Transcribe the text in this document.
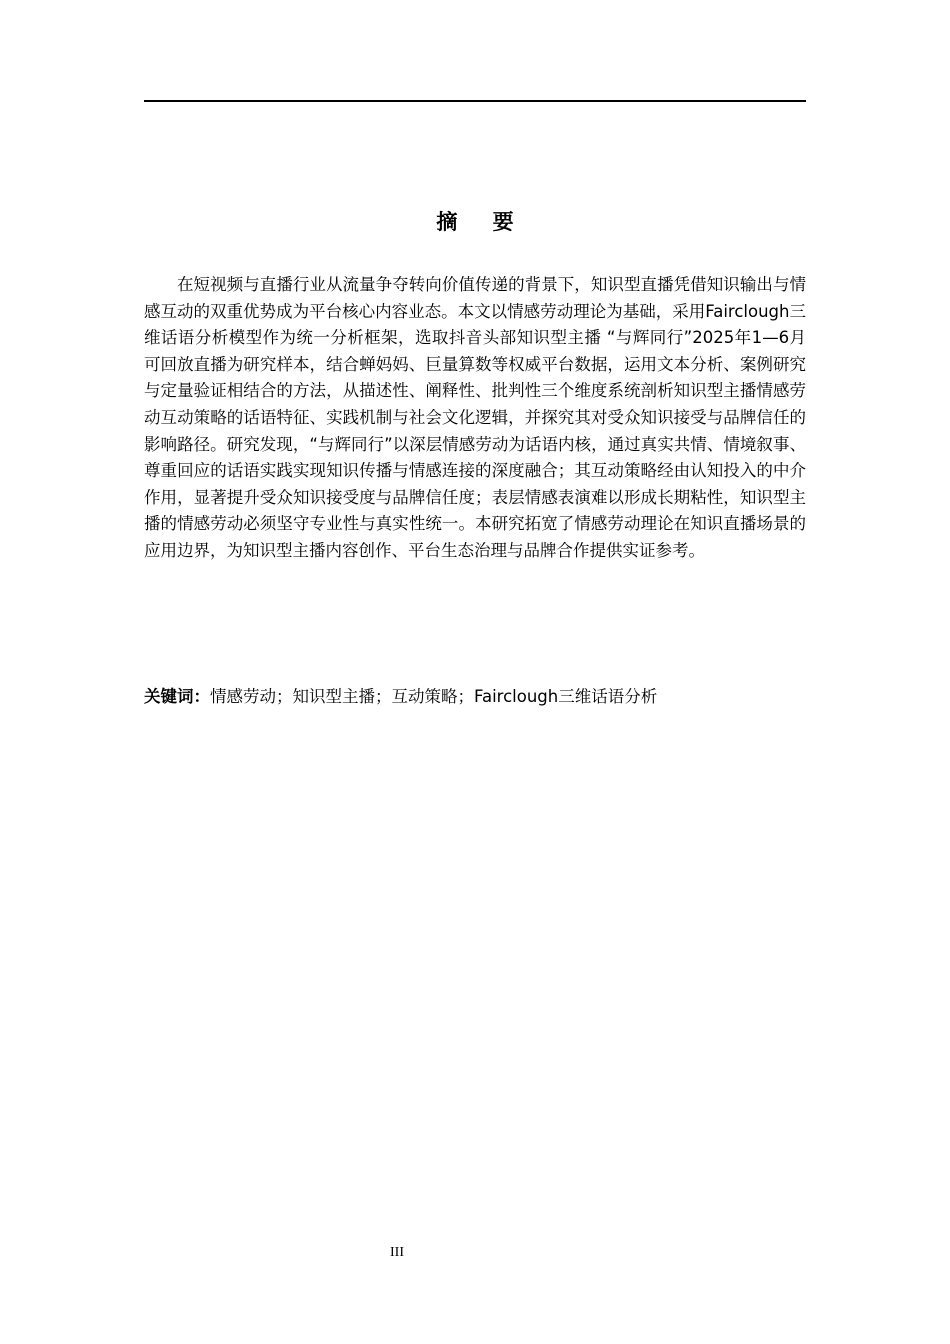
摘 要

在短视频与直播行业从流量争夺转向价值传递的背景下，知识型直播凭借知识输出与情感互动的双重优势成为平台核心内容业态。本文以情感劳动理论为基础，采用Fairclough三维话语分析模型作为统一分析框架，选取抖音头部知识型主播 “与辉同行”2025年1—6月可回放直播为研究样本，结合蝉妈妈、巨量算数等权威平台数据，运用文本分析、案例研究与定量验证相结合的方法，从描述性、阐释性、批判性三个维度系统剖析知识型主播情感劳动互动策略的话语特征、实践机制与社会文化逻辑，并探究其对受众知识接受与品牌信任的影响路径。研究发现，“与辉同行”以深层情感劳动为话语内核，通过真实共情、情境叙事、尊重回应的话语实践实现知识传播与情感连接的深度融合；其互动策略经由认知投入的中介作用，显著提升受众知识接受度与品牌信任度；表层情感表演难以形成长期粘性，知识型主播的情感劳动必须坚守专业性与真实性统一。本研究拓宽了情感劳动理论在知识直播场景的应用边界，为知识型主播内容创作、平台生态治理与品牌合作提供实证参考。

关键词：情感劳动；知识型主播；互动策略；Fairclough三维话语分析

III
